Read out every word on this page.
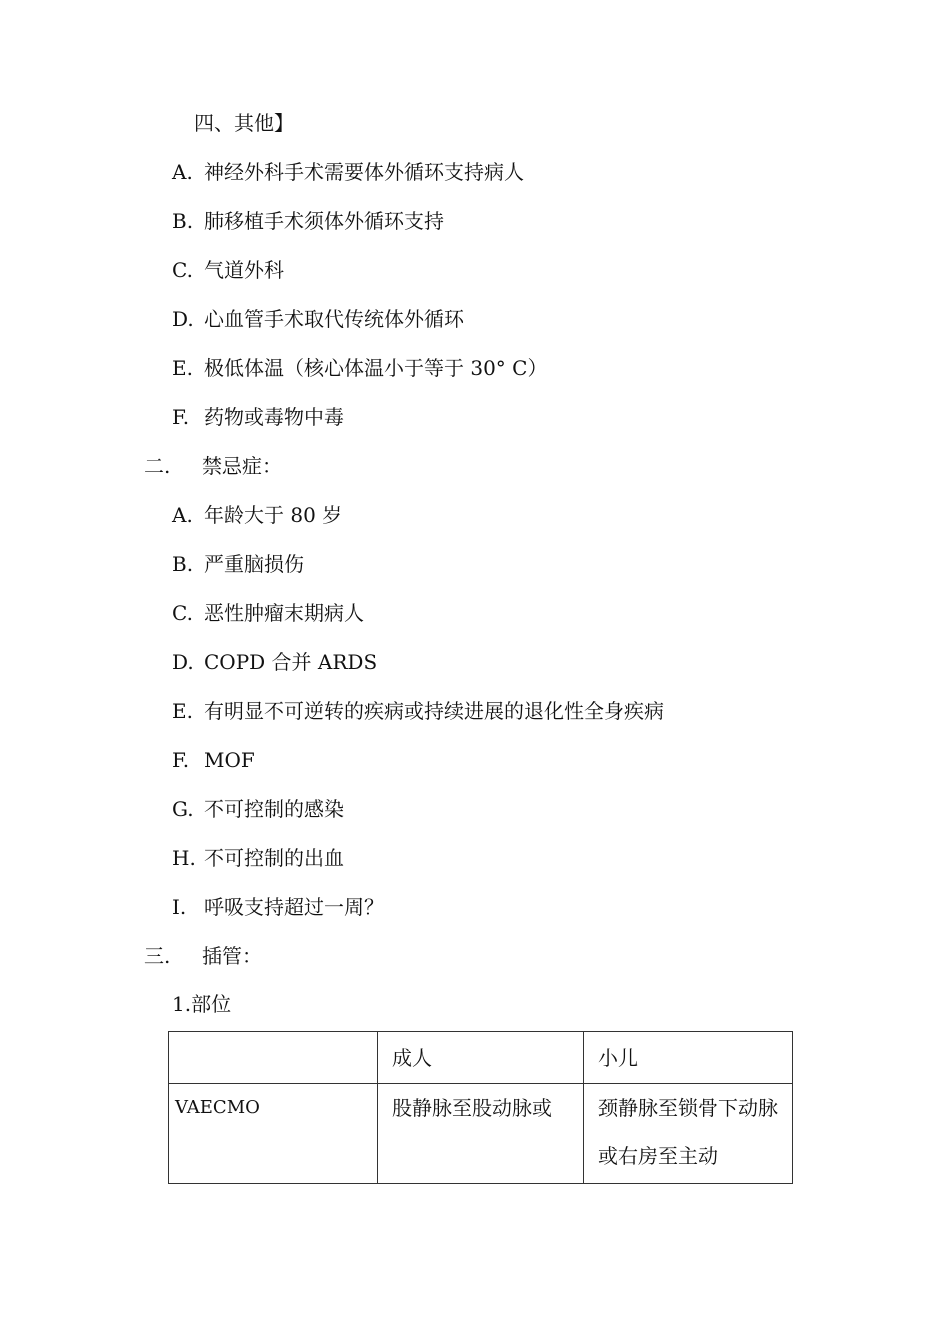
四、其他】
A. 神经外科手术需要体外循环支持病人
B. 肺移植手术须体外循环支持
C. 气道外科
D. 心血管手术取代传统体外循环
E. 极低体温（核心体温小于等于 30° C）
F. 药物或毒物中毒
二. 禁忌症：
A. 年龄大于 80 岁
B. 严重脑损伤
C. 恶性肿瘤末期病人
D. COPD 合并 ARDS
E. 有明显不可逆转的疾病或持续进展的退化性全身疾病
F. MOF
G. 不可控制的感染
H. 不可控制的出血
I. 呼吸支持超过一周？
三. 插管：
1.部位

	成人	小儿

VAECMO	股静脉至股动脉或	颈静脉至锁骨下动脉或右房至主动
